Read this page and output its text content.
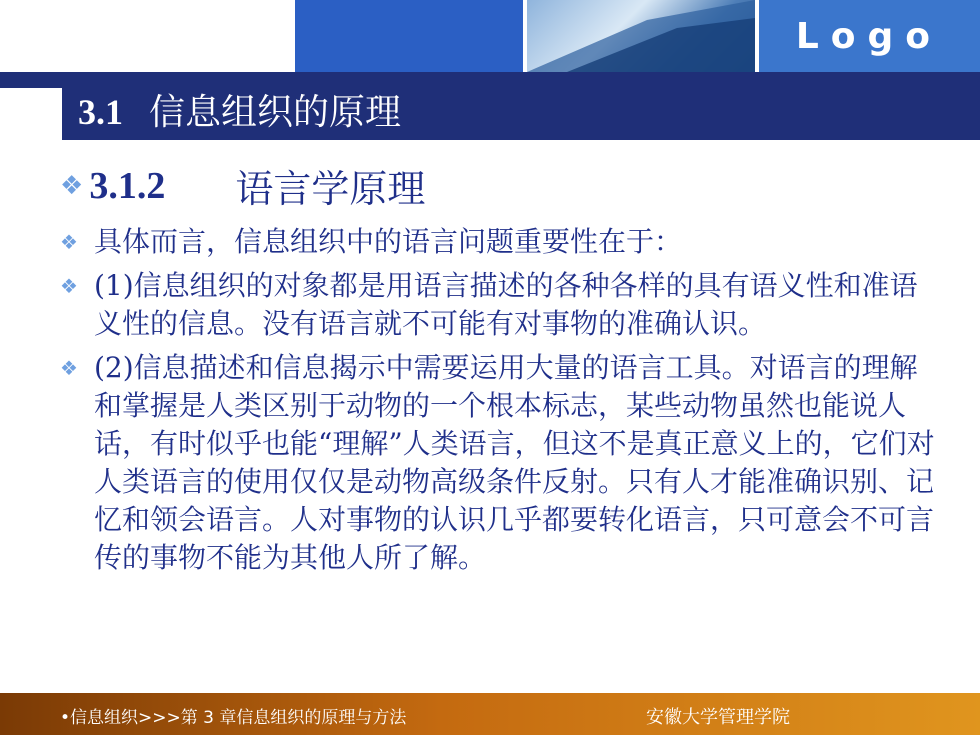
Logo
3.1 信息组织的原理
❖ 3.1.2 语言学原理
❖ 具体而言，信息组织中的语言问题重要性在于：
❖ (1)信息组织的对象都是用语言描述的各种各样的具有语义性和准语义性的信息。没有语言就不可能有对事物的准确认识。
❖ (2)信息描述和信息揭示中需要运用大量的语言工具。对语言的理解和掌握是人类区别于动物的一个根本标志，某些动物虽然也能说人话，有时似乎也能“理解”人类语言，但这不是真正意义上的，它们对人类语言的使用仅仅是动物高级条件反射。只有人才能准确识别、记忆和领会语言。人对事物的认识几乎都要转化语言，只可意会不可言传的事物不能为其他人所了解。
•信息组织>>>第 3 章信息组织的原理与方法	安徽大学管理学院
